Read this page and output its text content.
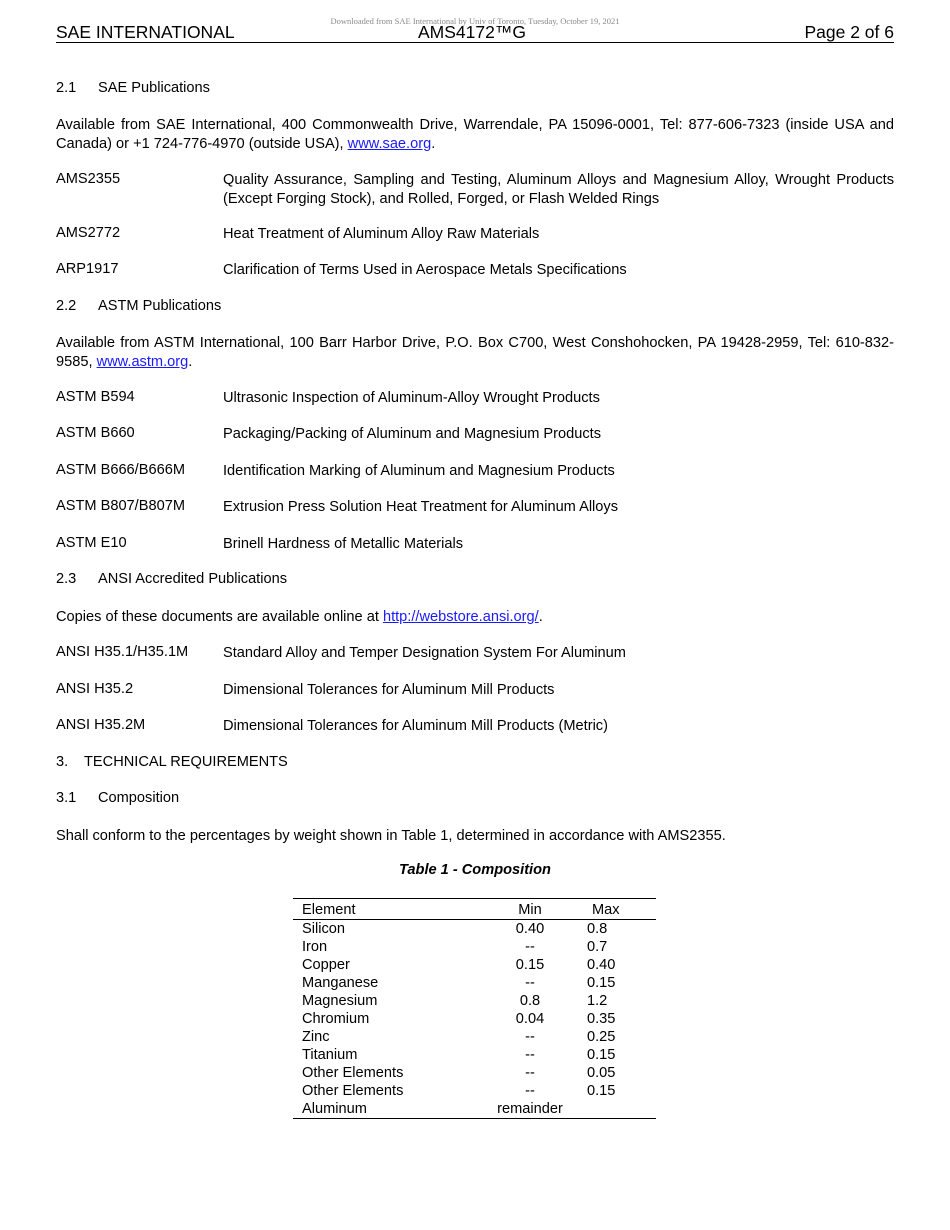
Downloaded from SAE International by Univ of Toronto, Tuesday, October 19, 2021
SAE INTERNATIONAL	AMS4172™G	Page 2 of 6
2.1 SAE Publications
Available from SAE International, 400 Commonwealth Drive, Warrendale, PA 15096-0001, Tel: 877-606-7323 (inside USA and Canada) or +1 724-776-4970 (outside USA), www.sae.org.
AMS2355	Quality Assurance, Sampling and Testing, Aluminum Alloys and Magnesium Alloy, Wrought Products (Except Forging Stock), and Rolled, Forged, or Flash Welded Rings
AMS2772	Heat Treatment of Aluminum Alloy Raw Materials
ARP1917	Clarification of Terms Used in Aerospace Metals Specifications
2.2 ASTM Publications
Available from ASTM International, 100 Barr Harbor Drive, P.O. Box C700, West Conshohocken, PA 19428-2959, Tel: 610-832-9585, www.astm.org.
ASTM B594	Ultrasonic Inspection of Aluminum-Alloy Wrought Products
ASTM B660	Packaging/Packing of Aluminum and Magnesium Products
ASTM B666/B666M	Identification Marking of Aluminum and Magnesium Products
ASTM B807/B807M	Extrusion Press Solution Heat Treatment for Aluminum Alloys
ASTM E10	Brinell Hardness of Metallic Materials
2.3 ANSI Accredited Publications
Copies of these documents are available online at http://webstore.ansi.org/.
ANSI H35.1/H35.1M Standard Alloy and Temper Designation System For Aluminum
ANSI H35.2	Dimensional Tolerances for Aluminum Mill Products
ANSI H35.2M	Dimensional Tolerances for Aluminum Mill Products (Metric)
3. TECHNICAL REQUIREMENTS
3.1 Composition
Shall conform to the percentages by weight shown in Table 1, determined in accordance with AMS2355.
Table 1 - Composition
Element	Min	Max
Silicon	0.40	0.8
Iron	--	0.7
Copper	0.15	0.40
Manganese	--	0.15
Magnesium	0.8	1.2
Chromium	0.04	0.35
Zinc	--	0.25
Titanium	--	0.15
Other Elements	--	0.05
Other Elements	--	0.15
Aluminum	remainder	
